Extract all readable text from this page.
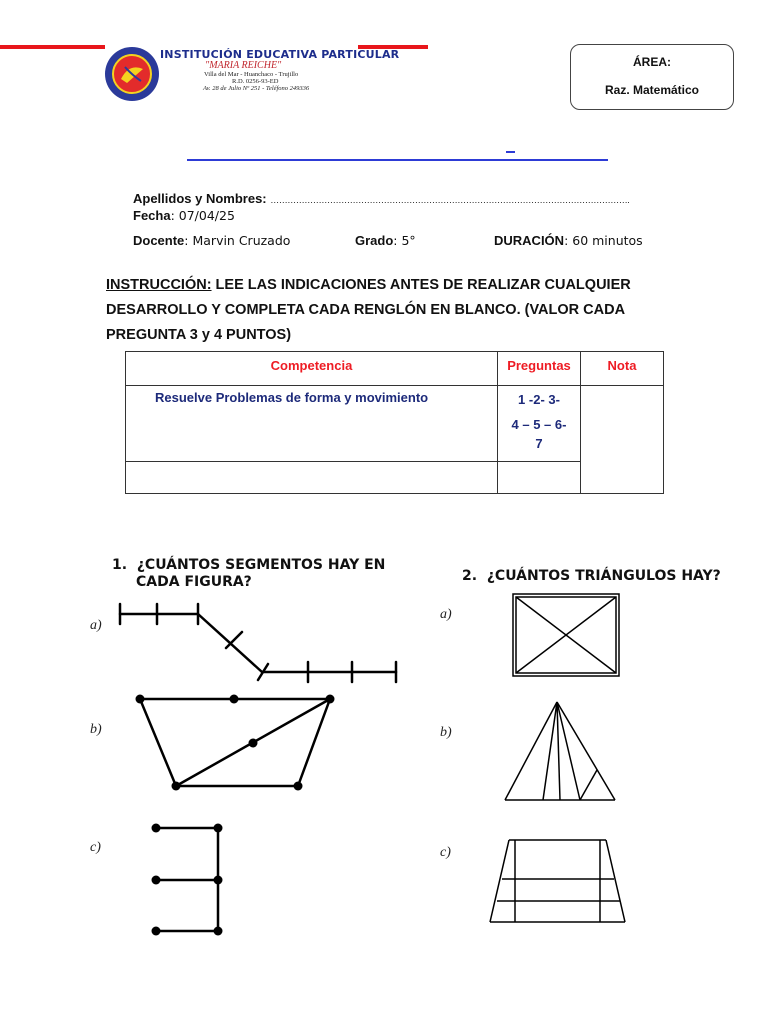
INSTITUCIÓN EDUCATIVA PARTICULAR
"MARIA REICHE"
Villa del Mar - Huanchaco - Trujillo
R.D. 0256-93-ED
Av. 28 de Julio Nº 251 - Teléfono 249336
ÁREA:
Raz. Matemático
Apellidos y Nombres: ……………………………………………………………………………………………………………….
Fecha: 07/04/25
Docente: Marvin Cruzado	Grado: 5°	DURACIÓN: 60 minutos
INSTRUCCIÓN: LEE LAS INDICACIONES ANTES DE REALIZAR CUALQUIER DESARROLLO Y COMPLETA CADA RENGLÓN EN BLANCO. (VALOR CADA PREGUNTA 3 y 4 PUNTOS)
Competencia	Preguntas	Nota

Resuelve Problemas de forma y movimiento	1 -2- 3-
4 – 5 – 6-
7	

1. ¿CUÁNTOS SEGMENTOS HAY EN
CADA FIGURA?	2. ¿CUÁNTOS TRIÁNGULOS HAY?
a)
b)
c)
a)
b)
c)
